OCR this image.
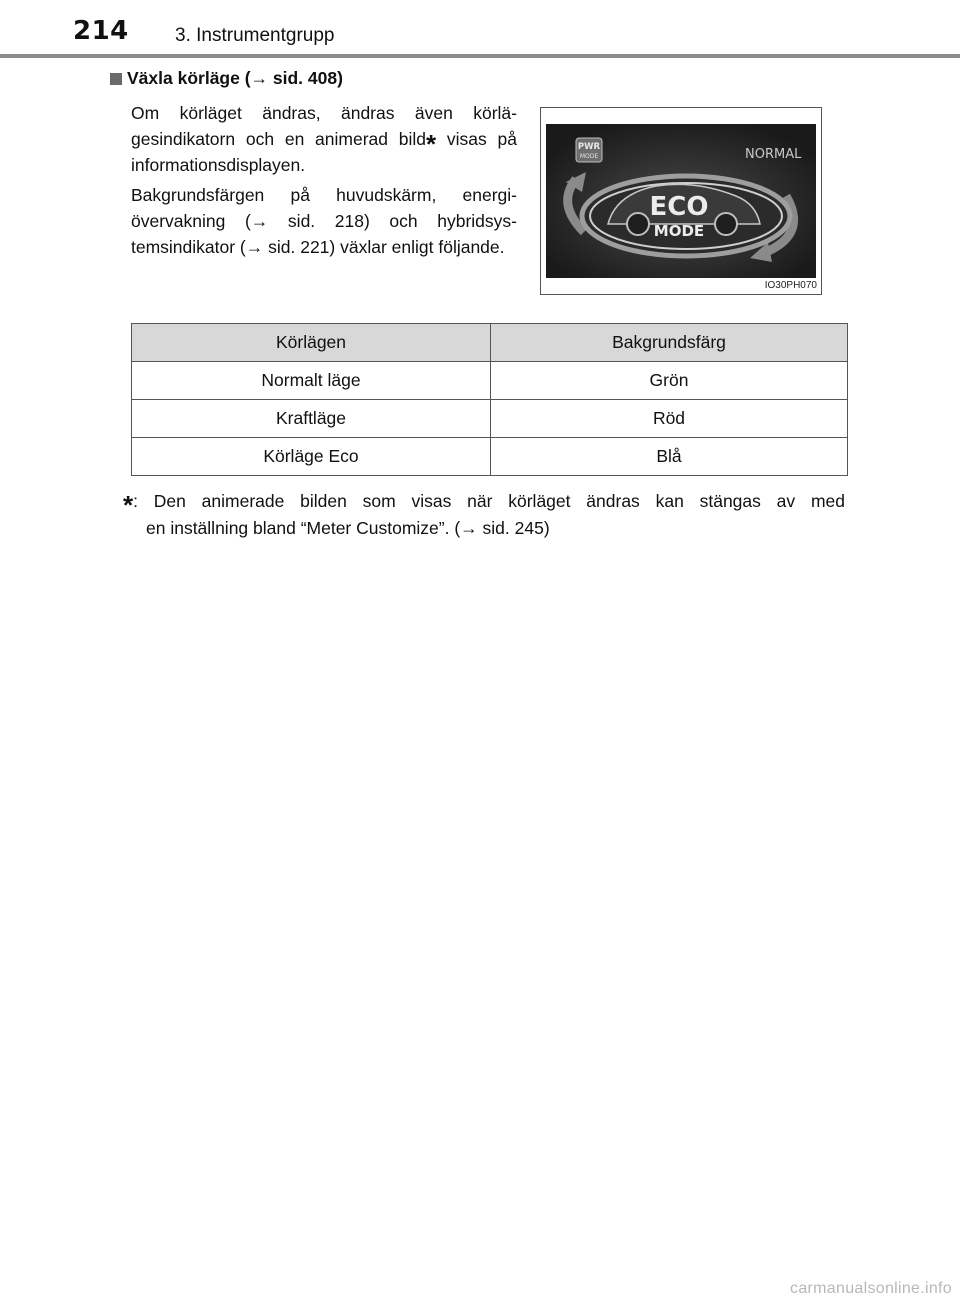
214 3. Instrumentgrupp
Växla körläge (→ sid. 408)
Om körläget ändras, ändras även körlägesindikatorn och en animerad bild* visas på informationsdisplayen.
Bakgrundsfärgen på huvudskärm, energiövervakning (→ sid. 218) och hybridsystemsindikator (→ sid. 221) växlar enligt följande.
PWR
MODE	NORMAL
ECO
MODE
IO30PH070
Körlägen	Bakgrundsfärg
Normalt läge	Grön
Kraftläge	Röd
Körläge Eco	Blå
*: Den animerade bilden som visas när körläget ändras kan stängas av med
en inställning bland “Meter Customize”. (→ sid. 245)
carmanualsonline.info
